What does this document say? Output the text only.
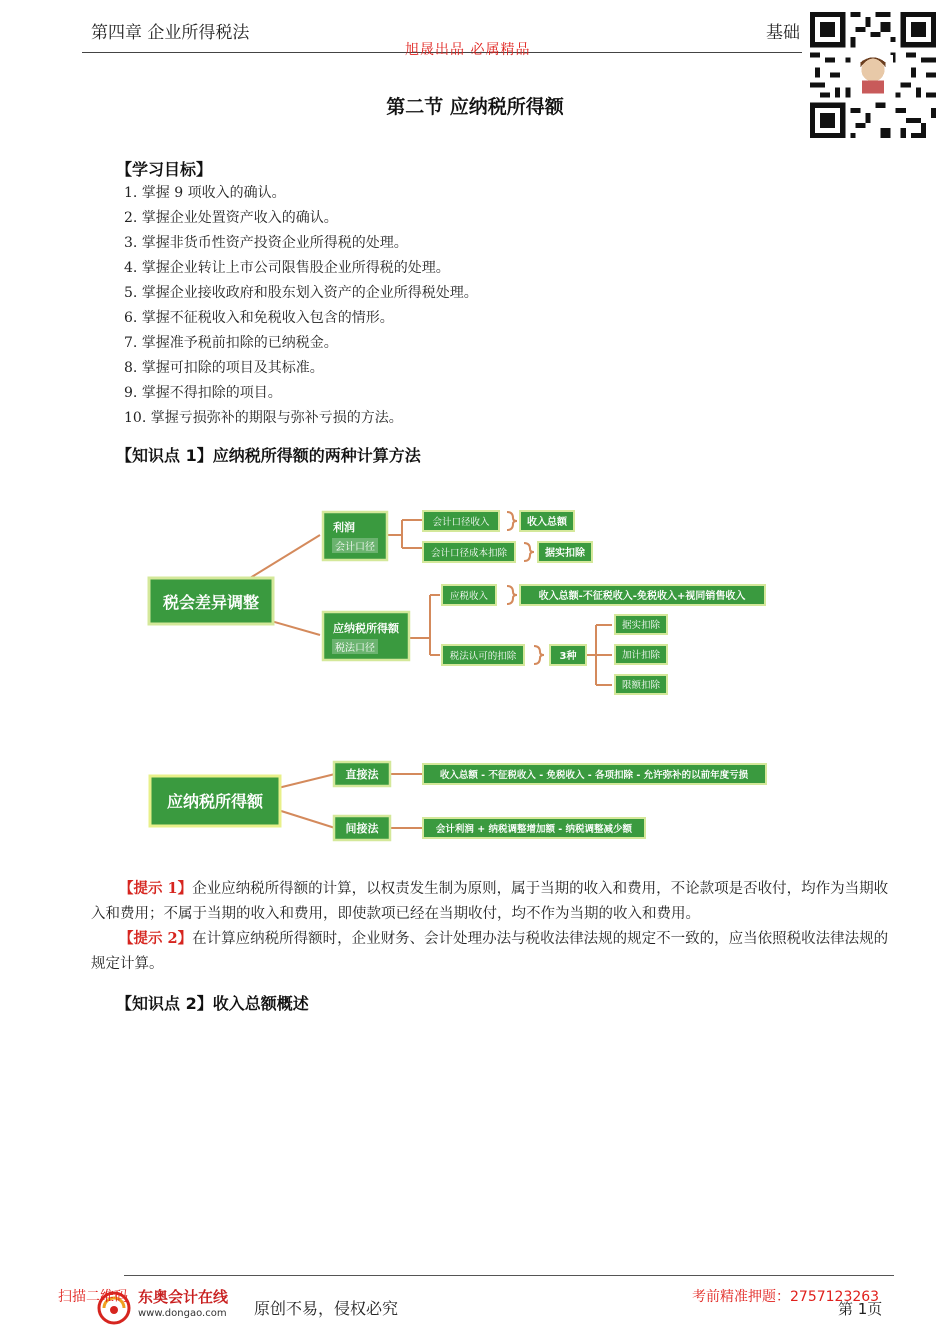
第四章 企业所得税法	基础
旭晟出品 必属精品
第二节 应纳税所得额
【学习目标】
1. 掌握 9 项收入的确认。
2. 掌握企业处置资产收入的确认。
3. 掌握非货币性资产投资企业所得税的处理。
4. 掌握企业转让上市公司限售股企业所得税的处理。
5. 掌握企业接收政府和股东划入资产的企业所得税处理。
6. 掌握不征税收入和免税收入包含的情形。
7. 掌握准予税前扣除的已纳税金。
8. 掌握可扣除的项目及其标准。
9. 掌握不得扣除的项目。
10. 掌握亏损弥补的期限与弥补亏损的方法。
【知识点 1】应纳税所得额的两种计算方法
税会差异调整
利润
会计口径
会计口径收入	收入总额
会计口径成本扣除	据实扣除
应纳税所得额
税法口径
应税收入	收入总额-不征税收入-免税收入+视同销售收入
税法认可的扣除	3种
据实扣除
加计扣除
限额扣除
应纳税所得额
直接法	收入总额 - 不征税收入 - 免税收入 - 各项扣除 - 允许弥补的以前年度亏损
间接法	会计利润 + 纳税调整增加额 - 纳税调整减少额
【提示 1】企业应纳税所得额的计算，以权责发生制为原则，属于当期的收入和费用，不论款项是否收付，均作为当期收入和费用；不属于当期的收入和费用，即使款项已经在当期收付，均不作为当期的收入和费用。
【提示 2】在计算应纳税所得额时，企业财务、会计处理办法与税收法律法规的规定不一致的，应当依照税收法律法规的规定计算。
【知识点 2】收入总额概述
扫描二维码 东奥会计在线
www.dongao.com 原创不易，侵权必究
考前精准押题：2757123263
第 1页
